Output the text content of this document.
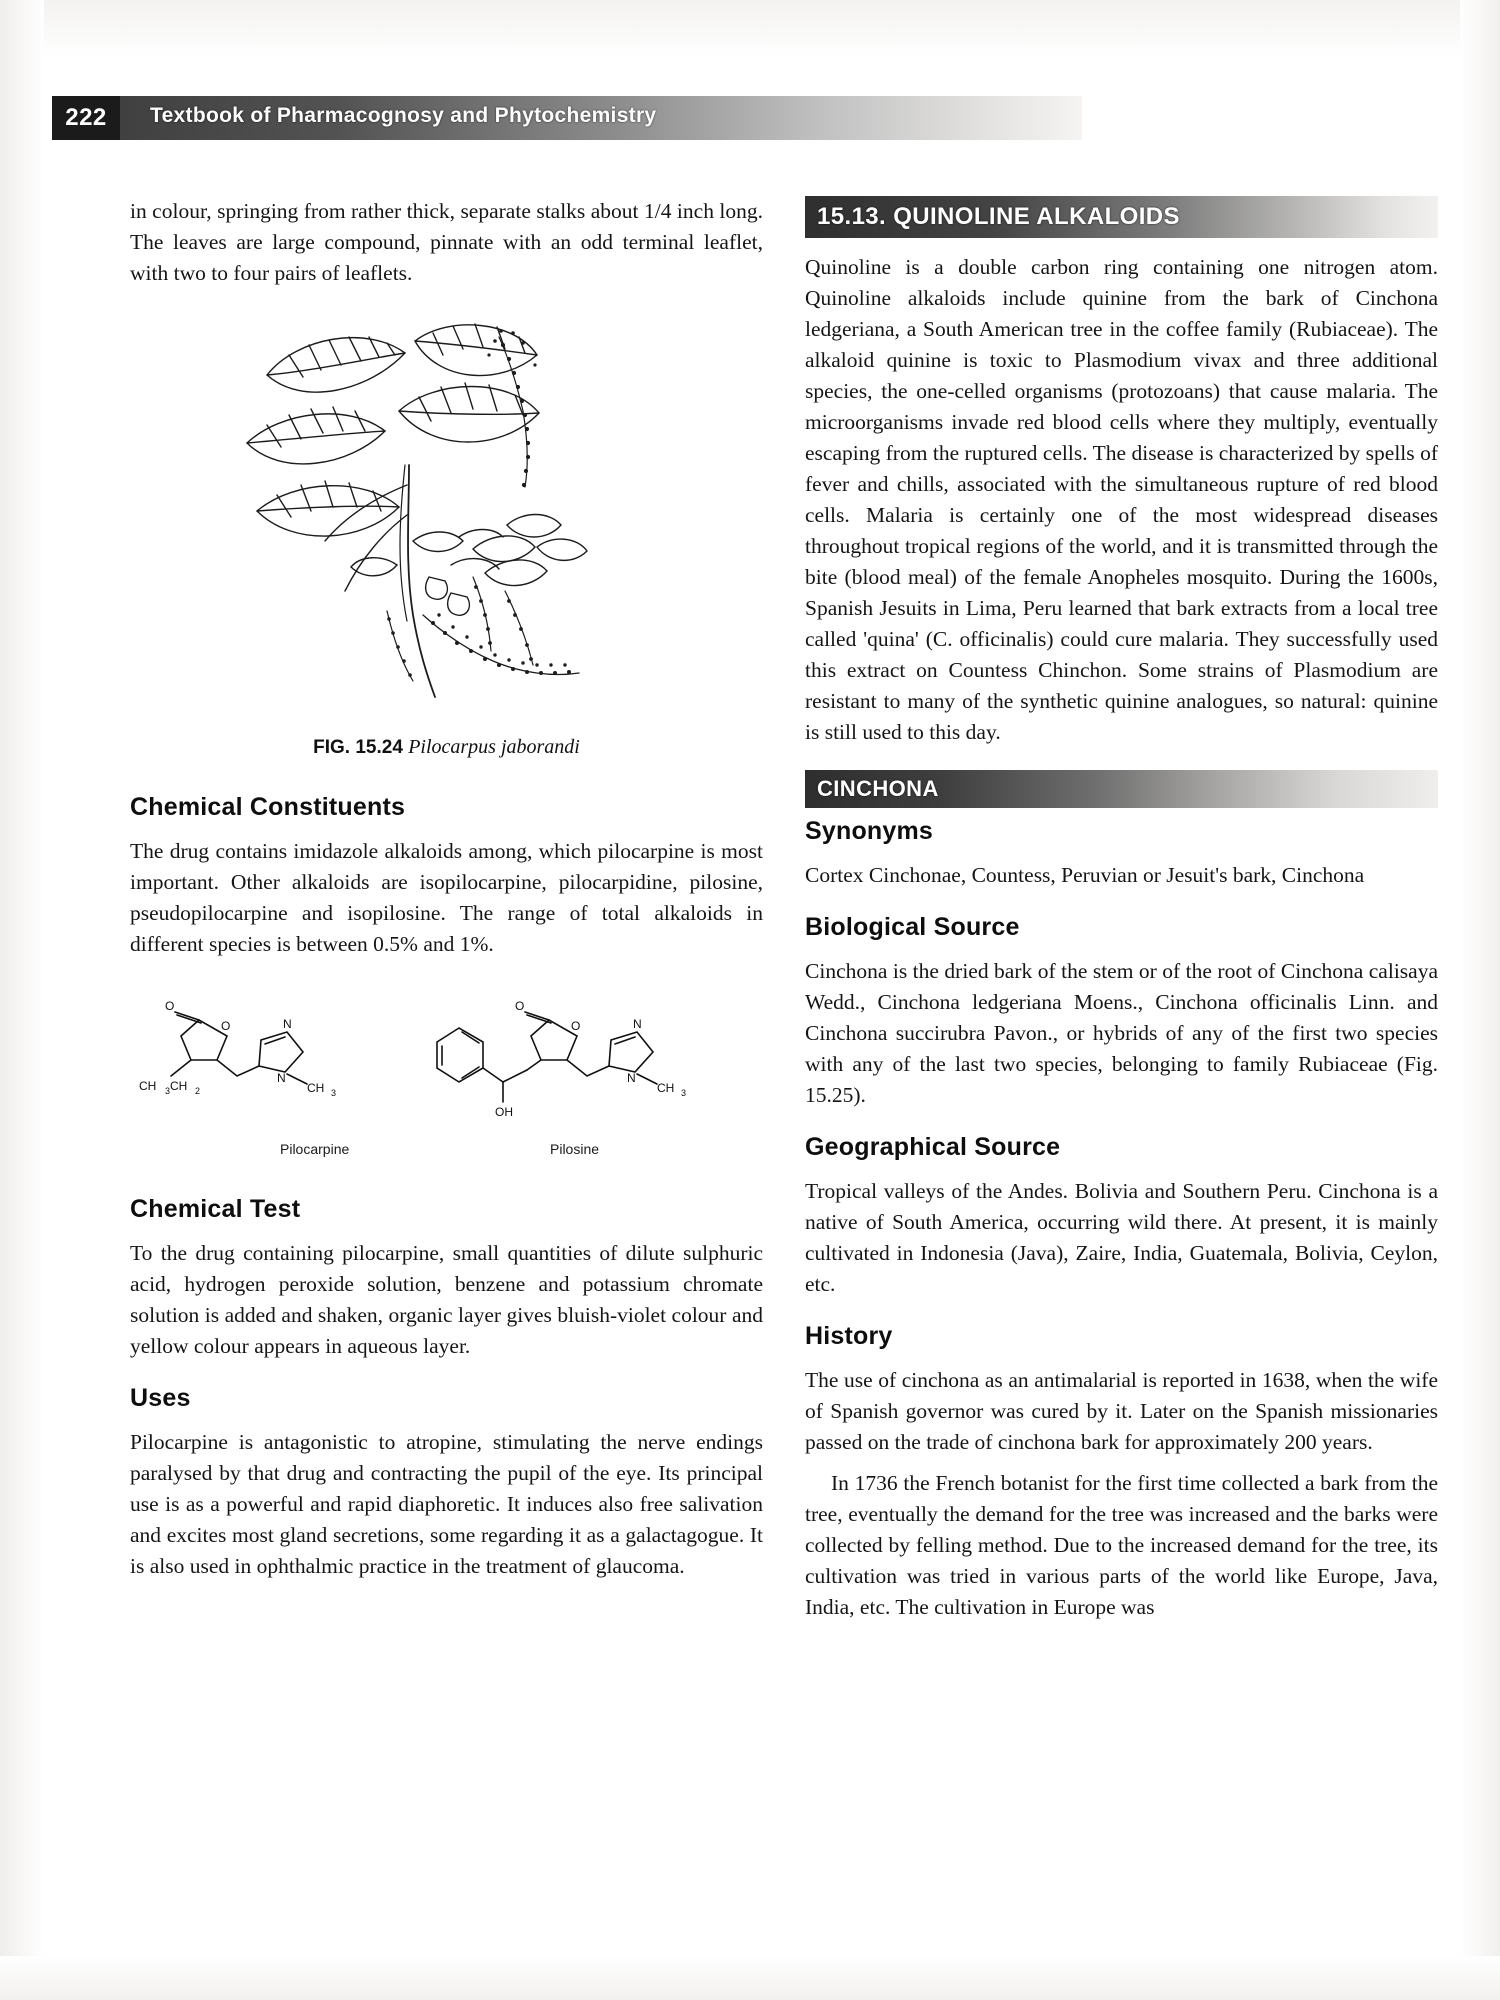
222	Textbook of Pharmacognosy and Phytochemistry

in colour, springing from rather thick, separate stalks about 1/4 inch long. The leaves are large compound, pinnate with an odd terminal leaflet, with two to four pairs of leaflets.

FIG. 15.24 Pilocarpus jaborandi
Chemical Constituents

The drug contains imidazole alkaloids among, which pilocarpine is most important. Other alkaloids are isopilocarpine, pilocarpidine, pilosine, pseudopilocarpine and isopilosine. The range of total alkaloids in different species is between 0.5% and 1%.

O
O
CH 3 CH 2
N
N
CH 3
O
O
OH
N
N
CH 3
Pilocarpine	Pilosine
Chemical Test

To the drug containing pilocarpine, small quantities of dilute sulphuric acid, hydrogen peroxide solution, benzene and potassium chromate solution is added and shaken, organic layer gives bluish-violet colour and yellow colour appears in aqueous layer.

Uses

Pilocarpine is antagonistic to atropine, stimulating the nerve endings paralysed by that drug and contracting the pupil of the eye. Its principal use is as a powerful and rapid diaphoretic. It induces also free salivation and excites most gland secretions, some regarding it as a galactagogue. It is also used in ophthalmic practice in the treatment of glaucoma.

15.13. QUINOLINE ALKALOIDS

Quinoline is a double carbon ring containing one nitrogen atom. Quinoline alkaloids include quinine from the bark of Cinchona ledgeriana, a South American tree in the coffee family (Rubiaceae). The alkaloid quinine is toxic to Plasmodium vivax and three additional species, the one-celled organisms (protozoans) that cause malaria. The microorganisms invade red blood cells where they multiply, eventually escaping from the ruptured cells. The disease is characterized by spells of fever and chills, associated with the simultaneous rupture of red blood cells. Malaria is certainly one of the most widespread diseases throughout tropical regions of the world, and it is transmitted through the bite (blood meal) of the female Anopheles mosquito. During the 1600s, Spanish Jesuits in Lima, Peru learned that bark extracts from a local tree called 'quina' (C. officinalis) could cure malaria. They successfully used this extract on Countess Chinchon. Some strains of Plasmodium are resistant to many of the synthetic quinine analogues, so natural: quinine is still used to this day.

CINCHONA
Synonyms

Cortex Cinchonae, Countess, Peruvian or Jesuit's bark, Cinchona

Biological Source

Cinchona is the dried bark of the stem or of the root of Cinchona calisaya Wedd., Cinchona ledgeriana Moens., Cinchona officinalis Linn. and Cinchona succirubra Pavon., or hybrids of any of the first two species with any of the last two species, belonging to family Rubiaceae (Fig. 15.25).

Geographical Source

Tropical valleys of the Andes. Bolivia and Southern Peru. Cinchona is a native of South America, occurring wild there. At present, it is mainly cultivated in Indonesia (Java), Zaire, India, Guatemala, Bolivia, Ceylon, etc.

History

The use of cinchona as an antimalarial is reported in 1638, when the wife of Spanish governor was cured by it. Later on the Spanish missionaries passed on the trade of cinchona bark for approximately 200 years.

In 1736 the French botanist for the first time collected a bark from the tree, eventually the demand for the tree was increased and the barks were collected by felling method. Due to the increased demand for the tree, its cultivation was tried in various parts of the world like Europe, Java, India, etc. The cultivation in Europe was
